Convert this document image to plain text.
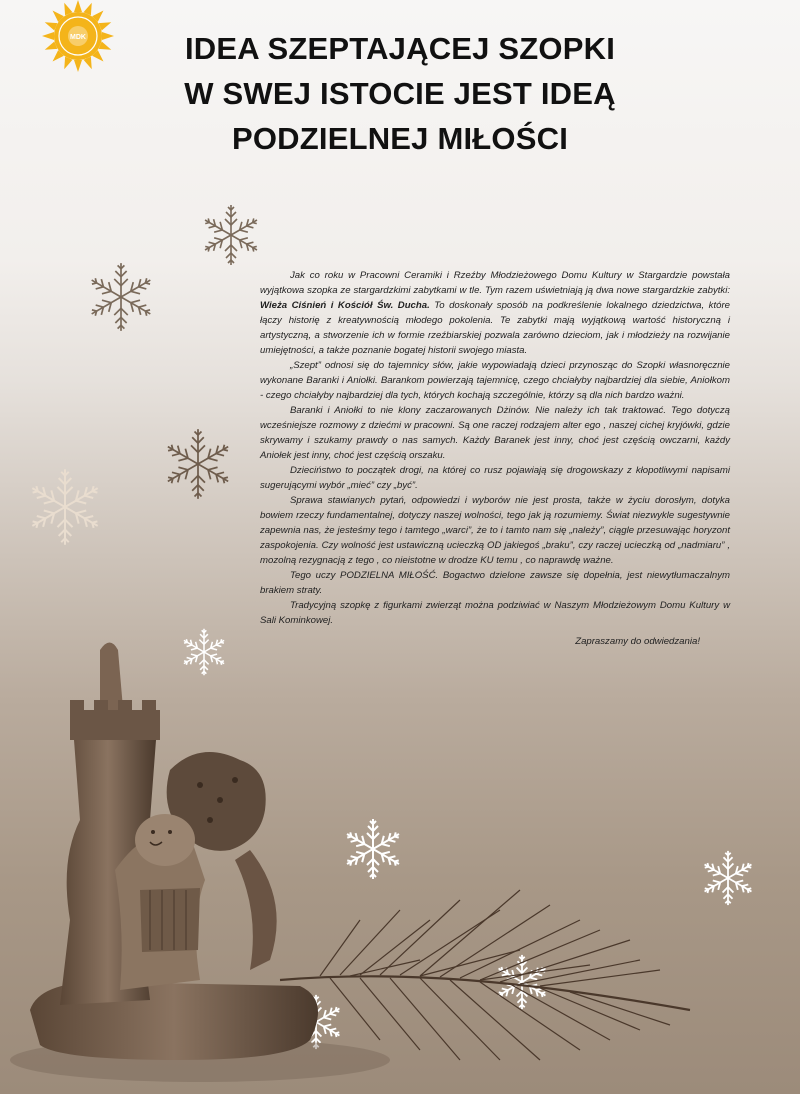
MDK	IDEA SZEPTAJĄCEJ SZOPKI
W SWEJ ISTOCIE JEST IDEĄ
PODZIELNEJ MIŁOŚCI

Jak co roku w Pracowni Ceramiki i Rzeźby Młodzieżowego Domu Kultury w Stargardzie powstała wyjątkowa szopka ze stargardzkimi zabytkami w tle. Tym razem uświetniają ją dwa nowe stargardzkie zabytki: Wieża Ciśnień i Kościół Św. Ducha. To doskonały sposób na podkreślenie lokalnego dziedzictwa, które łączy historię z kreatywnością młodego pokolenia. Te zabytki mają wyjątkową wartość historyczną i artystyczną, a stworzenie ich w formie rzeźbiarskiej pozwala zarówno dzieciom, jak i młodzieży na rozwijanie umiejętności, a także poznanie bogatej historii swojego miasta.

„Szept” odnosi się do tajemnicy słów, jakie wypowiadają dzieci przynosząc do Szopki własnoręcznie wykonane Baranki i Aniołki. Barankom powierzają tajemnicę, czego chciałyby najbardziej dla siebie, Aniołkom - czego chciałyby najbardziej dla tych, których kochają szczególnie, którzy są dla nich bardzo ważni.

Baranki i Aniołki to nie klony zaczarowanych Dżinów. Nie należy ich tak traktować. Tego dotyczą wcześniejsze rozmowy z dziećmi w pracowni. Są one raczej rodzajem alter ego , naszej cichej kryjówki, gdzie skrywamy i szukamy prawdy o nas samych. Każdy Baranek jest inny, choć jest częścią owczarni, każdy Aniołek jest inny, choć jest częścią orszaku.

Dzieciństwo to początek drogi, na której co rusz pojawiają się drogowskazy z kłopotliwymi napisami sugerującymi wybór „mieć” czy „być”.

Sprawa stawianych pytań, odpowiedzi i wyborów nie jest prosta, także w życiu dorosłym, dotyka bowiem rzeczy fundamentalnej, dotyczy naszej wolności, tego jak ją rozumiemy. Świat niezwykle sugestywnie zapewnia nas, że jesteśmy tego i tamtego „warci”, że to i tamto nam się „należy”, ciągle przesuwając horyzont zaspokojenia. Czy wolność jest ustawiczną ucieczką OD jakiegoś „braku”, czy raczej ucieczką od „nadmiaru” , mozolną rezygnacją z tego , co nieistotne w drodze KU temu , co naprawdę ważne.

Tego uczy PODZIELNA MIŁOŚĆ. Bogactwo dzielone zawsze się dopełnia, jest niewytłumaczalnym brakiem straty.

Tradycyjną szopkę z figurkami zwierząt można podziwiać w Naszym Młodzieżowym Domu Kultury w Sali Kominkowej.

Zapraszamy do odwiedzania!
